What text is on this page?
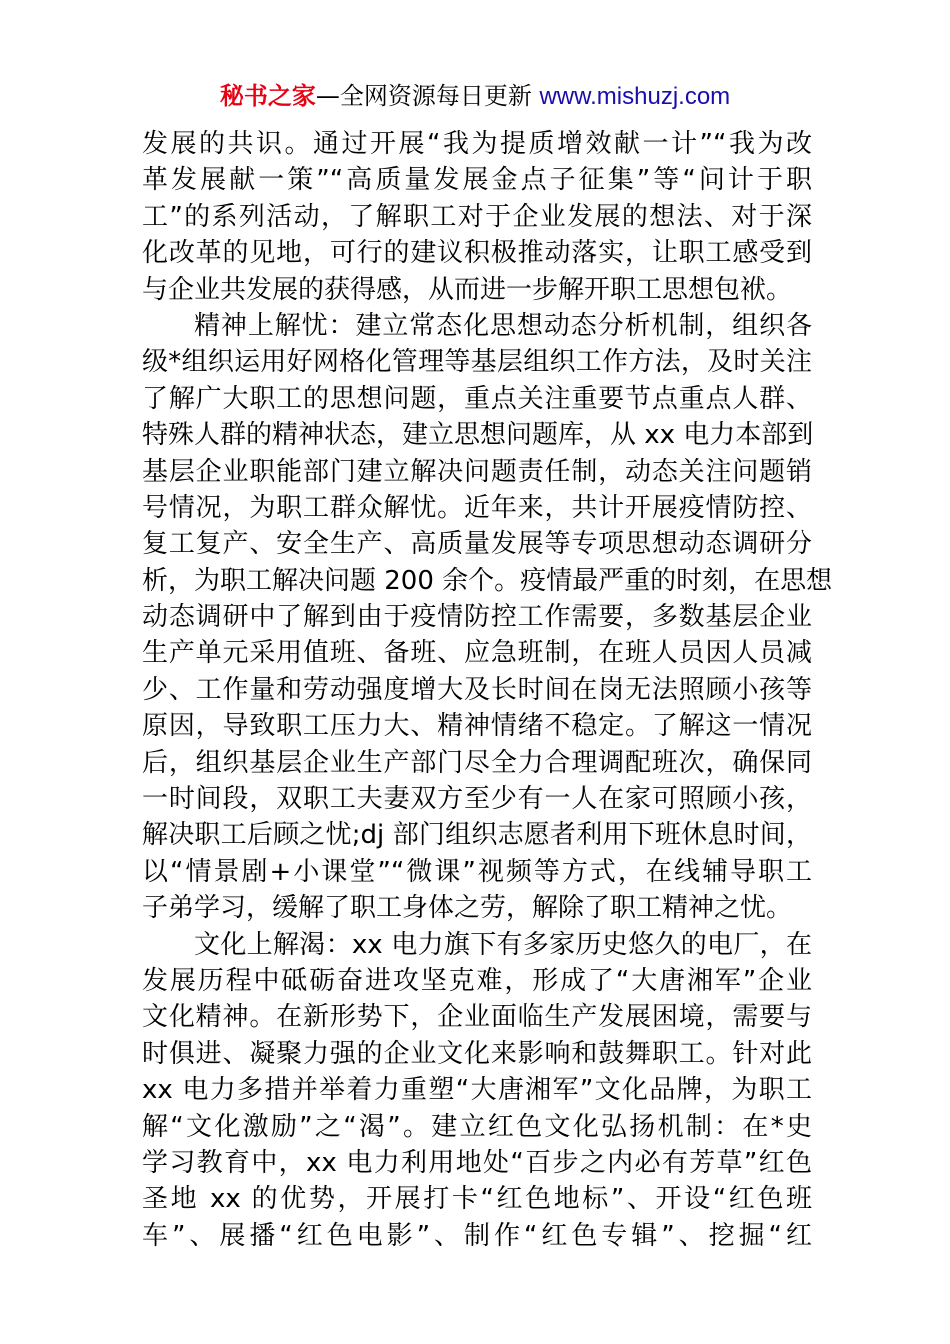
秘书之家—全网资源每日更新 www.mishuzj.com
发展的共识。通过开展“我为提质增效献一计”“我为改
革发展献一策”“高质量发展金点子征集”等“问计于职
工”的系列活动，了解职工对于企业发展的想法、对于深
化改革的见地，可行的建议积极推动落实，让职工感受到
与企业共发展的获得感，从而进一步解开职工思想包袱。
精神上解忧：建立常态化思想动态分析机制，组织各
级*组织运用好网格化管理等基层组织工作方法，及时关注
了解广大职工的思想问题，重点关注重要节点重点人群、
特殊人群的精神状态，建立思想问题库，从 xx 电力本部到
基层企业职能部门建立解决问题责任制，动态关注问题销
号情况，为职工群众解忧。近年来，共计开展疫情防控、
复工复产、安全生产、高质量发展等专项思想动态调研分
析，为职工解决问题 200 余个。疫情最严重的时刻，在思想
动态调研中了解到由于疫情防控工作需要，多数基层企业
生产单元采用值班、备班、应急班制，在班人员因人员减
少、工作量和劳动强度增大及长时间在岗无法照顾小孩等
原因，导致职工压力大、精神情绪不稳定。了解这一情况
后，组织基层企业生产部门尽全力合理调配班次，确保同
一时间段，双职工夫妻双方至少有一人在家可照顾小孩，
解决职工后顾之忧;dj 部门组织志愿者利用下班休息时间，
以“情景剧+小课堂”“微课”视频等方式，在线辅导职工
子弟学习，缓解了职工身体之劳，解除了职工精神之忧。
文化上解渴：xx 电力旗下有多家历史悠久的电厂，在
发展历程中砥砺奋进攻坚克难，形成了“大唐湘军”企业
文化精神。在新形势下，企业面临生产发展困境，需要与
时俱进、凝聚力强的企业文化来影响和鼓舞职工。针对此
xx 电力多措并举着力重塑“大唐湘军”文化品牌，为职工
解“文化激励”之“渴”。建立红色文化弘扬机制：在*史
学习教育中，xx 电力利用地处“百步之内必有芳草”红色
圣地 xx 的优势，开展打卡“红色地标”、开设“红色班
车”、展播“红色电影”、制作“红色专辑”、挖掘“红
